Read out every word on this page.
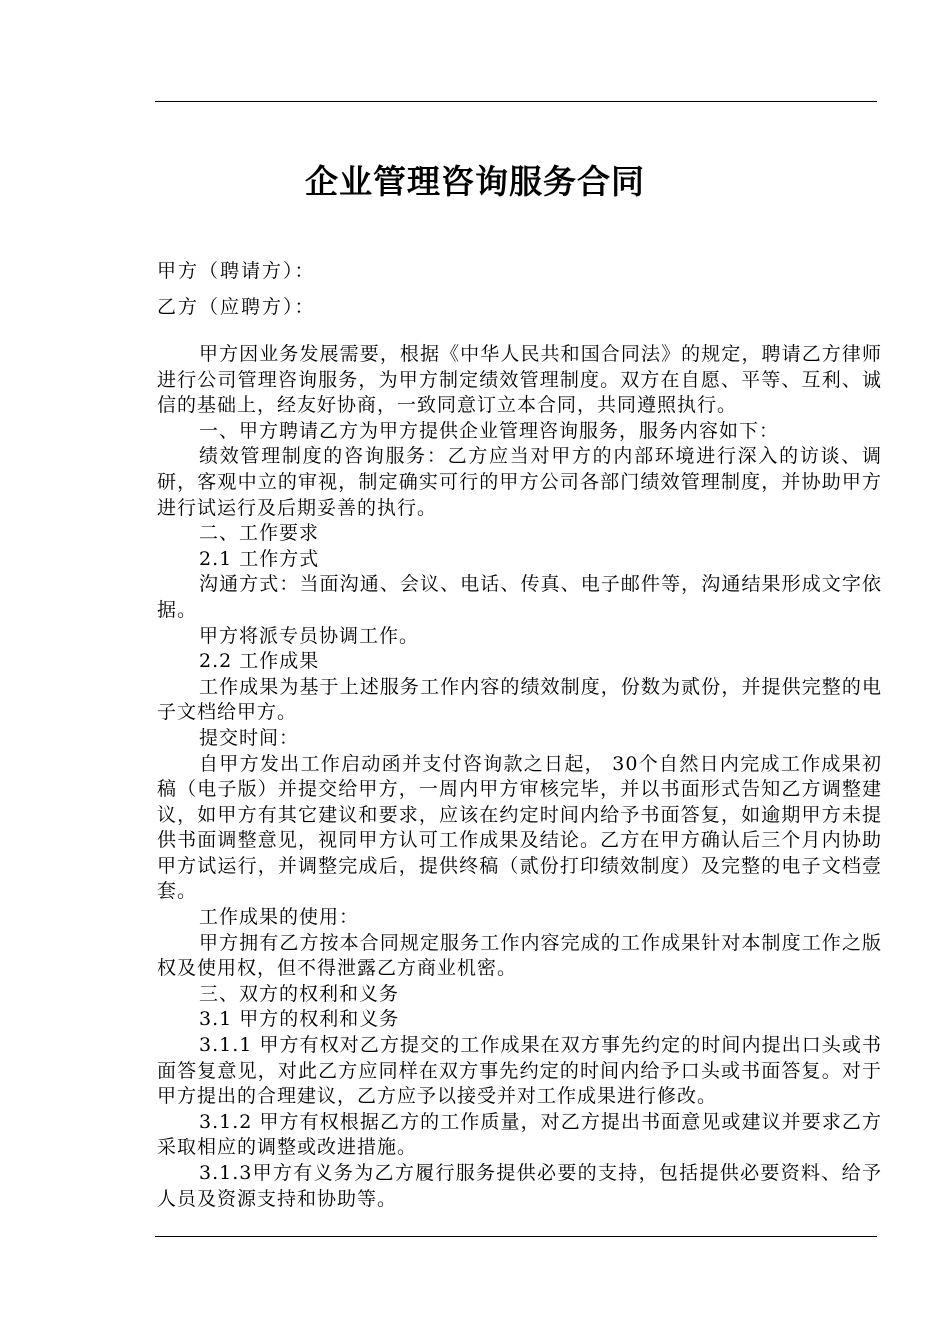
企业管理咨询服务合同

甲方（聘请方）：

乙方（应聘方）：

甲方因业务发展需要，根据《中华人民共和国合同法》的规定，聘请乙方律师进行公司管理咨询服务，为甲方制定绩效管理制度。双方在自愿、平等、互利、诚信的基础上，经友好协商，一致同意订立本合同，共同遵照执行。

一、甲方聘请乙方为甲方提供企业管理咨询服务，服务内容如下：

绩效管理制度的咨询服务：乙方应当对甲方的内部环境进行深入的访谈、调研，客观中立的审视，制定确实可行的甲方公司各部门绩效管理制度，并协助甲方进行试运行及后期妥善的执行。

二、工作要求

2.1 工作方式

沟通方式：当面沟通、会议、电话、传真、电子邮件等，沟通结果形成文字依据。

甲方将派专员协调工作。

2.2 工作成果

工作成果为基于上述服务工作内容的绩效制度，份数为贰份，并提供完整的电子文档给甲方。

提交时间：

自甲方发出工作启动函并支付咨询款之日起， 30个自然日内完成工作成果初稿（电子版）并提交给甲方，一周内甲方审核完毕，并以书面形式告知乙方调整建议，如甲方有其它建议和要求，应该在约定时间内给予书面答复，如逾期甲方未提供书面调整意见，视同甲方认可工作成果及结论。乙方在甲方确认后三个月内协助甲方试运行，并调整完成后，提供终稿（贰份打印绩效制度）及完整的电子文档壹套。

工作成果的使用：

甲方拥有乙方按本合同规定服务工作内容完成的工作成果针对本制度工作之版权及使用权，但不得泄露乙方商业机密。

三、双方的权利和义务

3.1 甲方的权利和义务

3.1.1 甲方有权对乙方提交的工作成果在双方事先约定的时间内提出口头或书面答复意见，对此乙方应同样在双方事先约定的时间内给予口头或书面答复。对于甲方提出的合理建议，乙方应予以接受并对工作成果进行修改。

3.1.2 甲方有权根据乙方的工作质量，对乙方提出书面意见或建议并要求乙方采取相应的调整或改进措施。

3.1.3甲方有义务为乙方履行服务提供必要的支持，包括提供必要资料、给予人员及资源支持和协助等。
